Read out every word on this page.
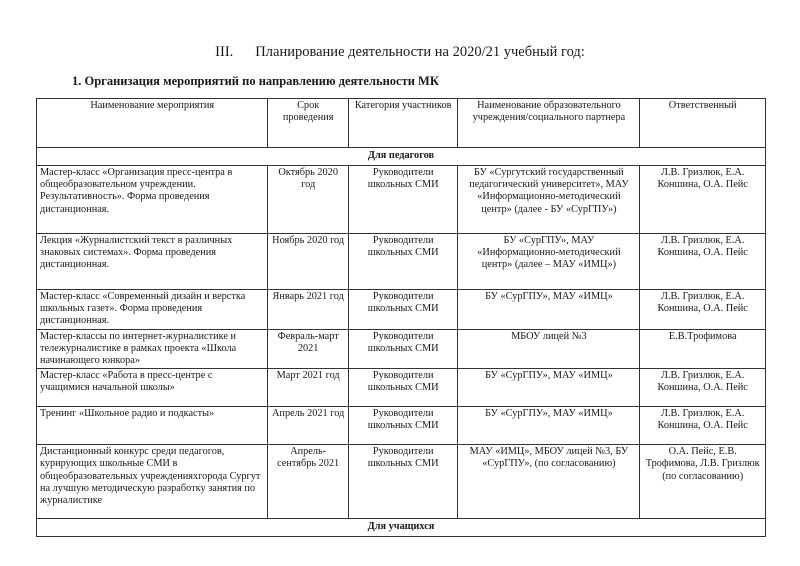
III. Планирование деятельности на 2020/21 учебный год:
1. Организация мероприятий по направлению деятельности МК
Наименование мероприятия	Срок проведения	Категория участников	Наименование образовательного учреждения/социального партнера	Ответственный
Для педагогов				
Мастер-класс «Организация пресс-центра в общеобразовательном учреждении. Результативность». Форма проведения дистанционная.	Октябрь 2020 год	Руководители школьных СМИ	БУ «Сургутский государственный педагогический университет», МАУ «Информационно-методический центр» (далее - БУ «СурГПУ»)	Л.В. Гризлюк, Е.А. Коншина, О.А. Пейс
Лекция «Журналистский текст в различных знаковых системах». Форма проведения дистанционная.	Ноябрь 2020 год	Руководители школьных СМИ	БУ «СурГПУ», МАУ «Информационно-методический центр» (далее – МАУ «ИМЦ»)	Л.В. Гризлюк, Е.А. Коншина, О.А. Пейс
Мастер-класс «Современный дизайн и верстка школьных газет». Форма проведения дистанционная.	Январь 2021 год	Руководители школьных СМИ	БУ «СурГПУ», МАУ «ИМЦ»	Л.В. Гризлюк, Е.А. Коншина, О.А. Пейс
Мастер-классы по интернет-журналистике и тележурналистике в рамках проекта «Школа начинающего юнкора»	Февраль-март 2021	Руководители школьных СМИ	МБОУ лицей №3	Е.В.Трофимова
Мастер-класс «Работа в пресс-центре с учащимися начальной школы»	Март 2021 год	Руководители школьных СМИ	БУ «СурГПУ», МАУ «ИМЦ»	Л.В. Гризлюк, Е.А. Коншина, О.А. Пейс
Тренинг «Школьное радио и подкасты»	Апрель 2021 год	Руководители школьных СМИ	БУ «СурГПУ», МАУ «ИМЦ»	Л.В. Гризлюк, Е.А. Коншина, О.А. Пейс
Дистанционный конкурс среди педагогов, курирующих школьные СМИ в общеобразовательных учрежденияхгорода Сургут на лучшую методическую разработку занятия по журналистике	Апрель-сентябрь 2021	Руководители школьных СМИ	МАУ «ИМЦ», МБОУ лицей №3, БУ «СурГПУ», (по согласованию)	О.А. Пейс, Е.В. Трофимова, Л.В. Гризлюк (по согласованию)
Для учащихся				
